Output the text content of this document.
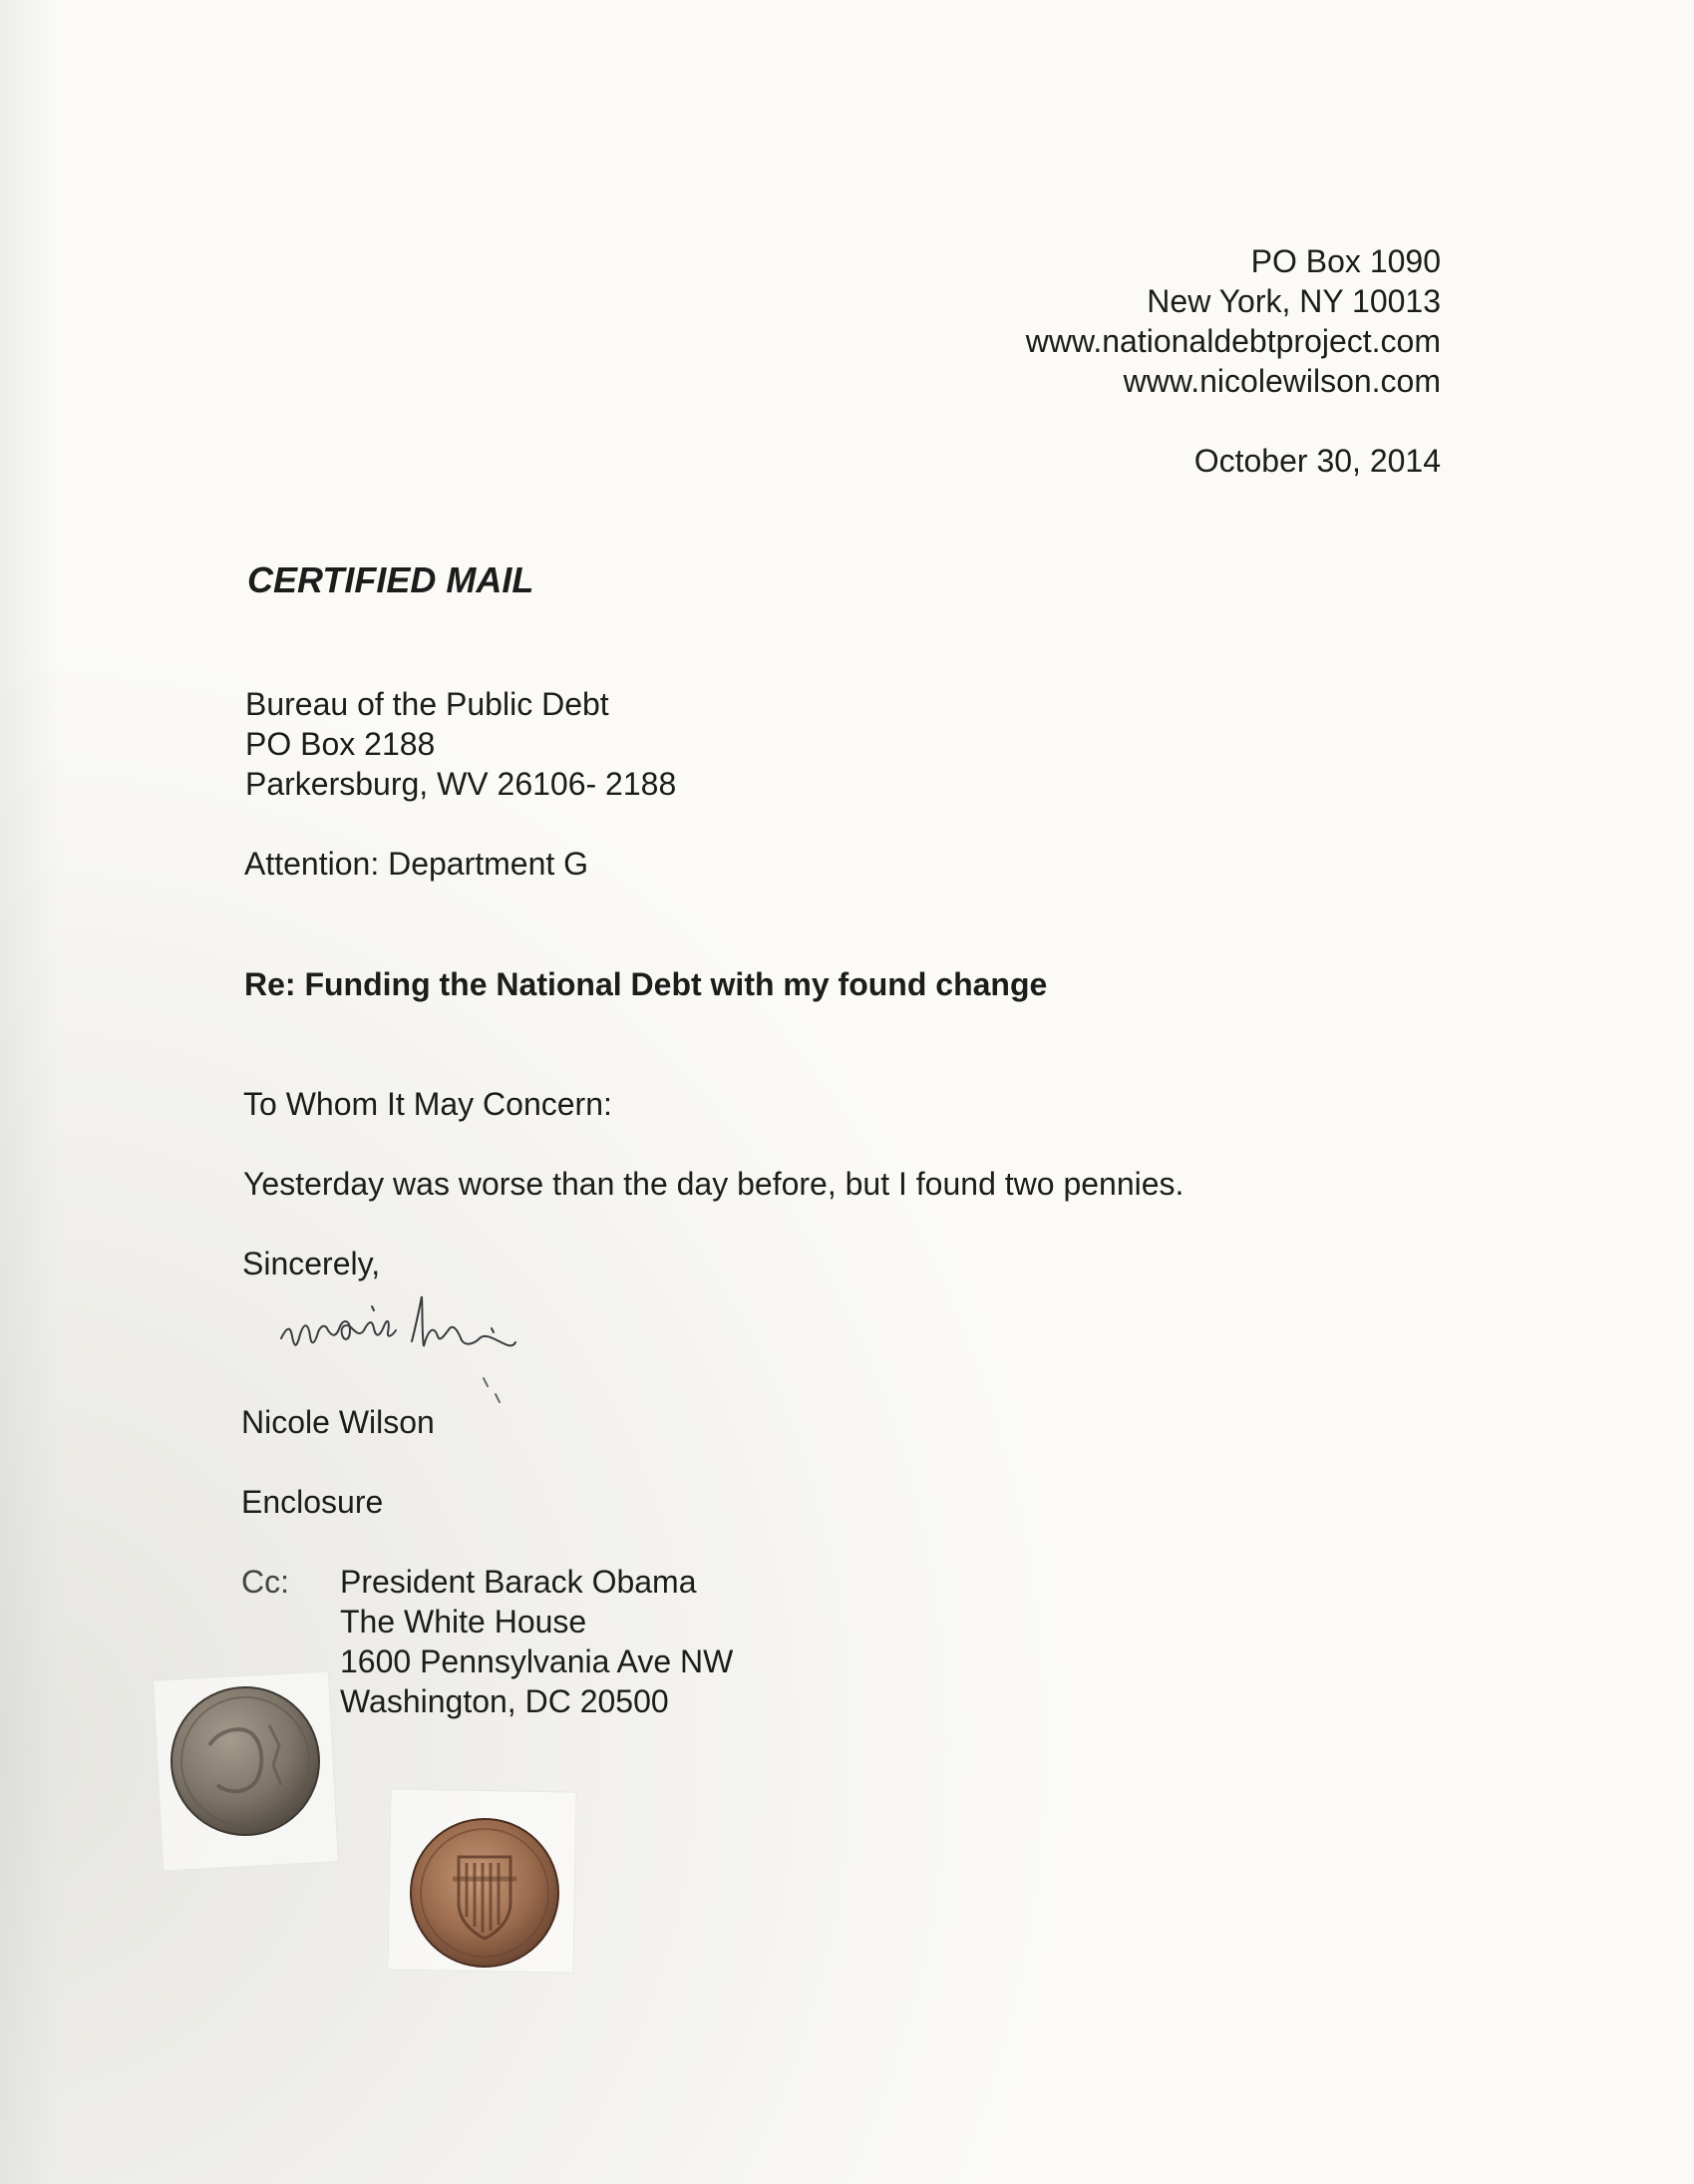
PO Box 1090
New York, NY 10013
www.nationaldebtproject.com
www.nicolewilson.com
October 30, 2014
CERTIFIED MAIL
Bureau of the Public Debt
PO Box 2188
Parkersburg, WV 26106- 2188
Attention: Department G
Re: Funding the National Debt with my found change
To Whom It May Concern:
Yesterday was worse than the day before, but I found two pennies.
Sincerely,
Nicole Wilson
Enclosure
Cc: President Barack Obama
The White House
1600 Pennsylvania Ave NW
Washington, DC 20500
